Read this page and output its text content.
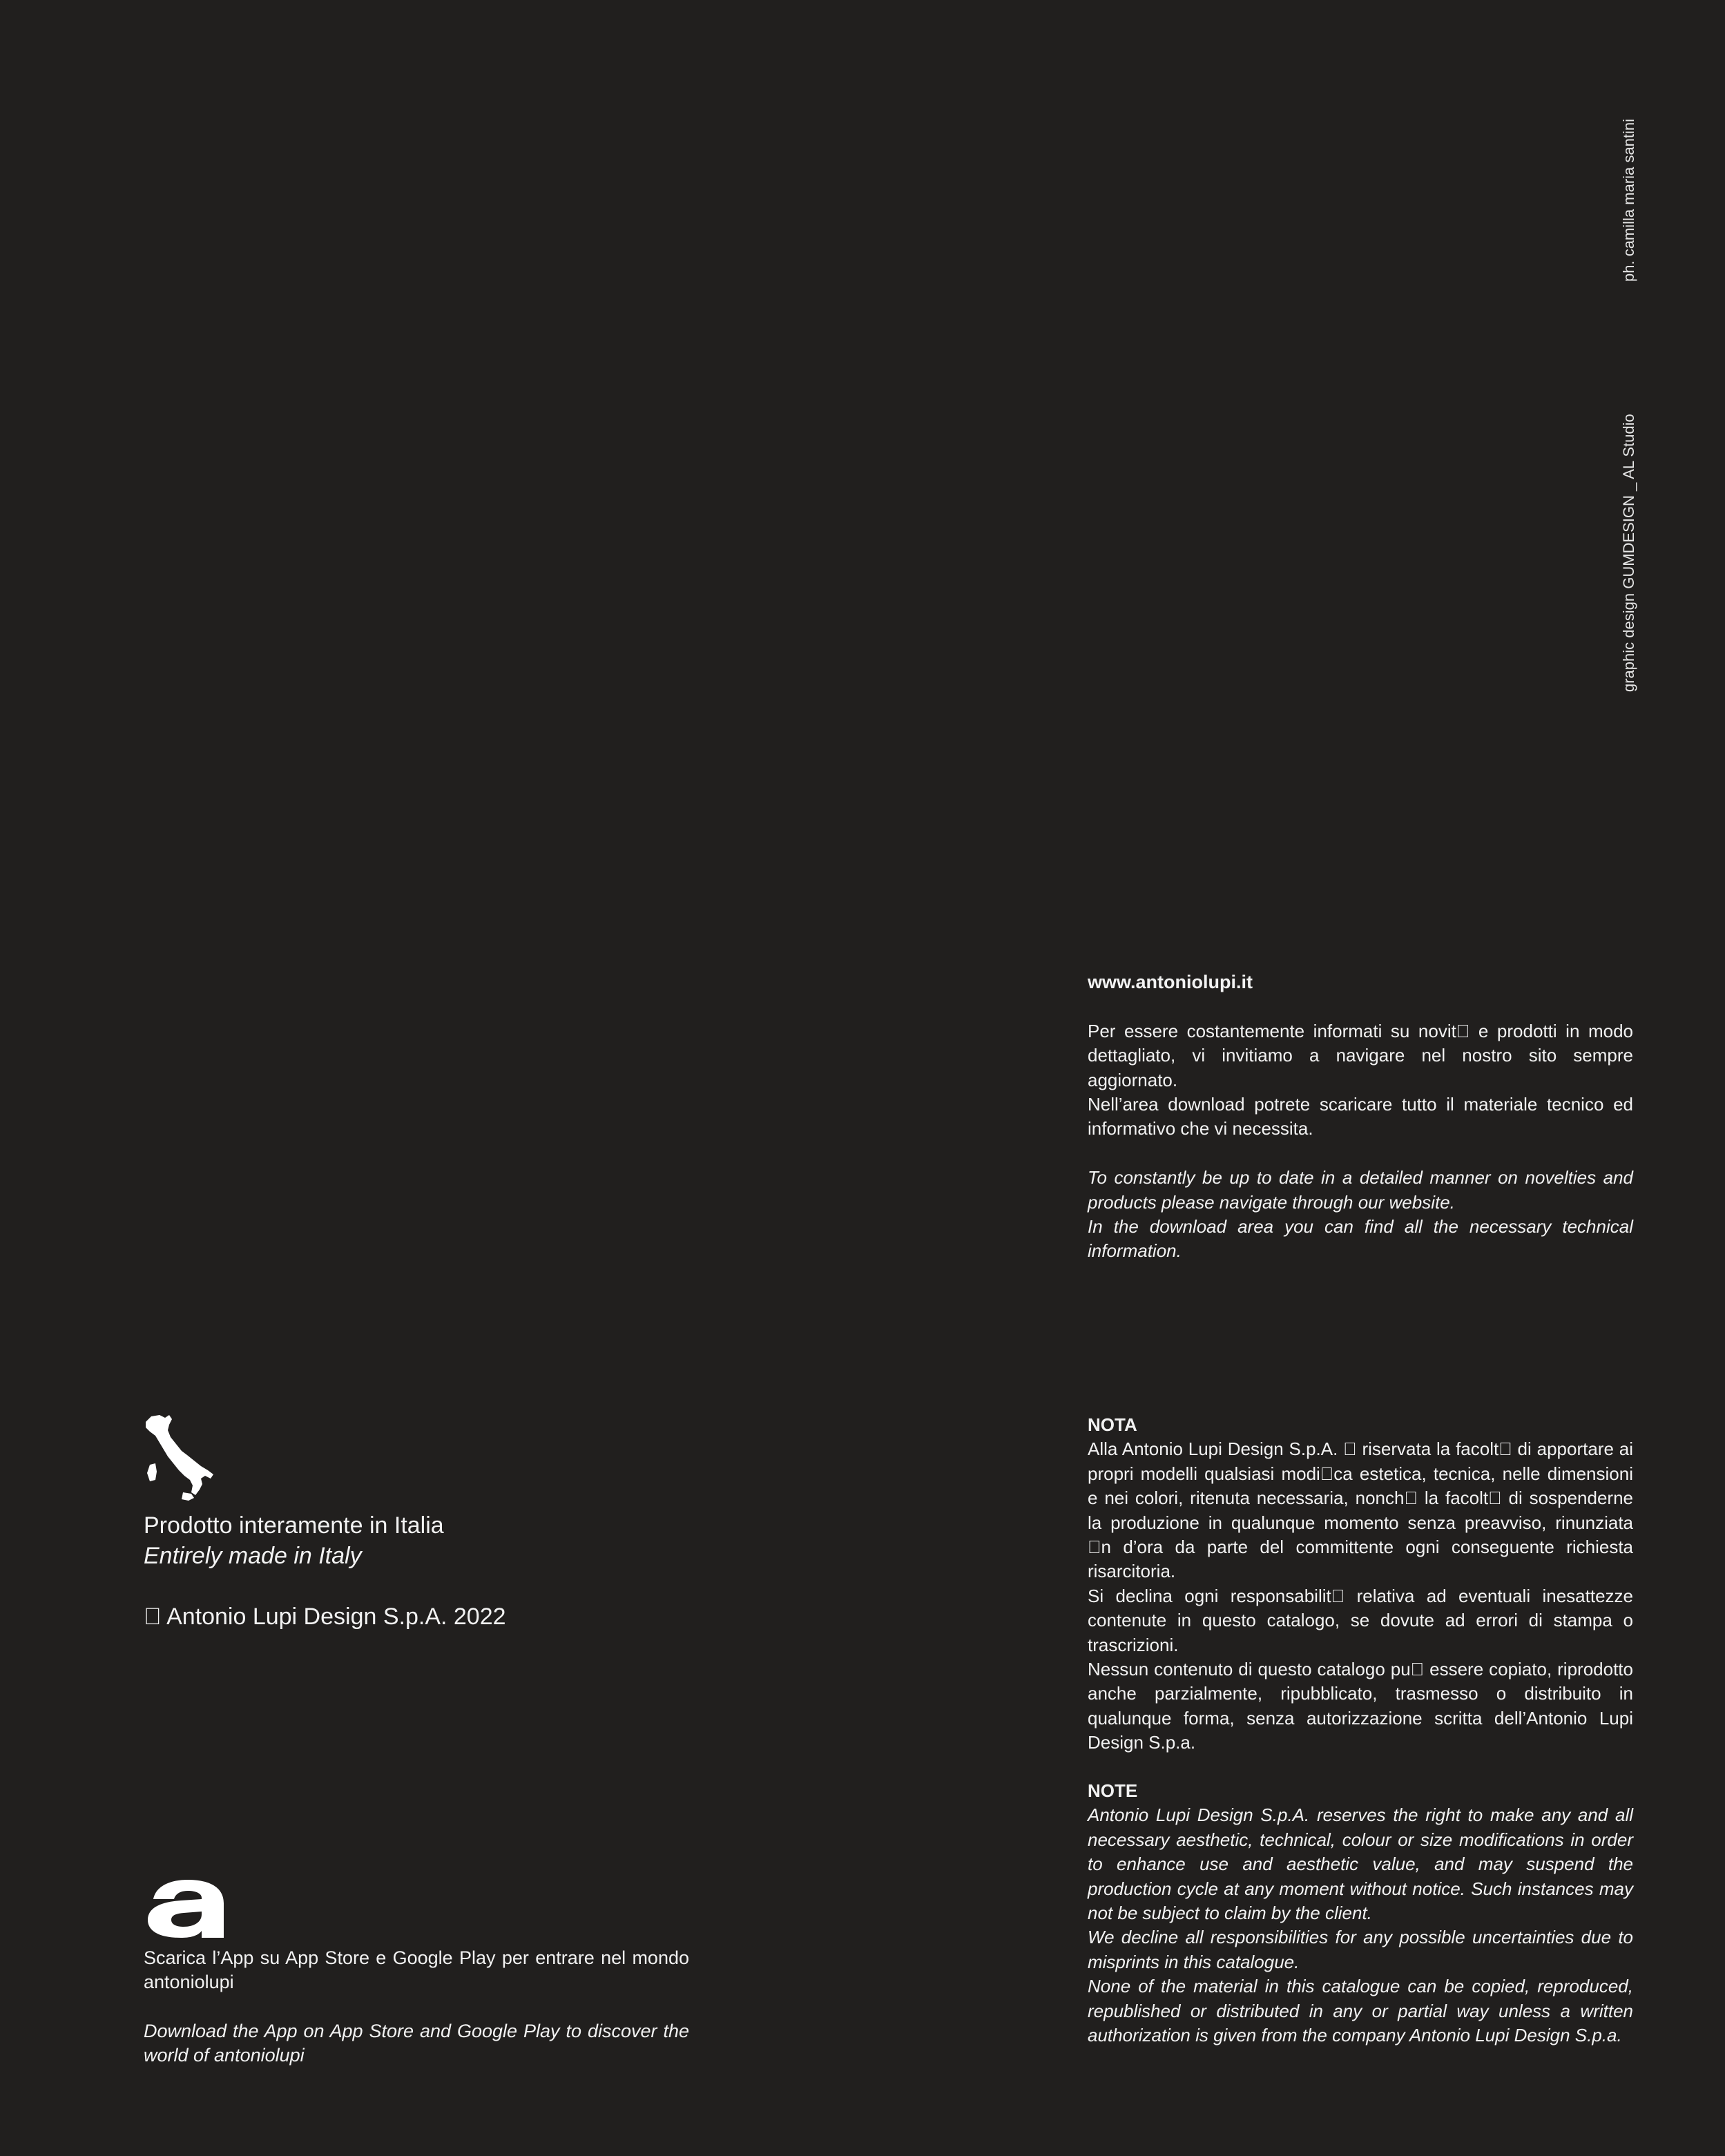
ph. camilla maria santini
graphic design GUMDESIGN _ AL Studio

www.antoniolupi.it

Per essere costantemente informati su novit  e prodotti in modo dettagliato, vi invitiamo a navigare nel nostro sito sempre aggiornato.

Nell’area download potrete scaricare tutto il materiale tecnico ed informativo che vi necessita.

To constantly be up to date in a detailed manner on novelties and products please navigate through our website.

In the download area you can find all the necessary technical information.

NOTA

Alla Antonio Lupi Design S.p.A.   riservata la facolt  di apportare ai propri modelli qualsiasi modi ca estetica, tecnica, nelle dimensioni e nei colori, ritenuta necessaria, nonch  la facolt  di sospenderne la produzione in qualunque momento senza preavviso, rinunziata  n d’ora da parte del committente ogni conseguente richiesta risarcitoria.

Si declina ogni responsabilit  relativa ad eventuali inesattezze contenute in questo catalogo, se dovute ad errori di stampa o trascrizioni.

Nessun contenuto di questo catalogo pu  essere copiato, riprodotto anche parzialmente, ripubblicato, trasmesso o distribuito in qualunque forma, senza autorizzazione scritta dell’Antonio Lupi Design S.p.a.

NOTE

Antonio Lupi Design S.p.A. reserves the right to make any and all necessary aesthetic, technical, colour or size modifications in order to enhance use and aesthetic value, and may suspend the production cycle at any moment without notice. Such instances may not be subject to claim by the client.

We decline all responsibilities for any possible uncertainties due to misprints in this catalogue.

None of the material in this catalogue can be copied, reproduced, republished or distributed in any or partial way unless a written authorization is given from the company Antonio Lupi Design S.p.a.

Prodotto interamente in Italia
Entirely made in Italy
  Antonio Lupi Design S.p.A. 2022
a

Scarica l’App su App Store e Google Play per entrare nel mondo antoniolupi

Download the App on App Store and Google Play to discover the world of antoniolupi
